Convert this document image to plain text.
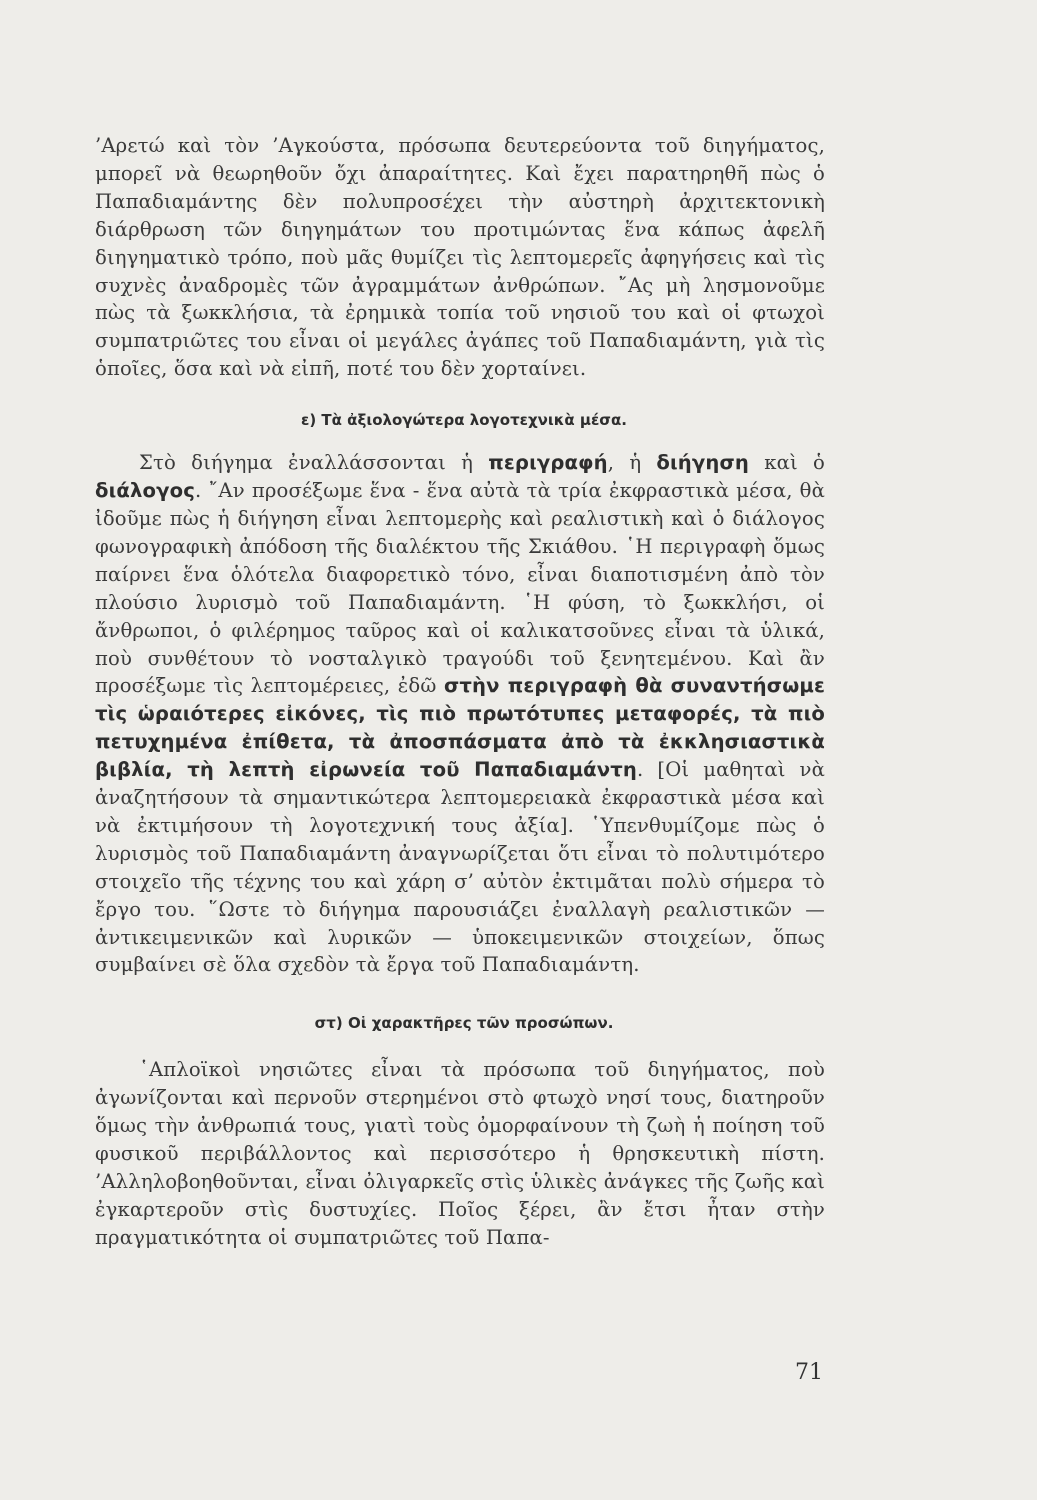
’Αρετώ καὶ τὸν ’Αγκούστα, πρόσωπα δευτερεύοντα τοῦ διηγήματος, μπορεῖ νὰ θεωρηθοῦν ὄχι ἀπαραίτητες. Καὶ ἔχει παρατηρηθῆ πὼς ὁ Παπαδιαμάντης δὲν πολυπροσέχει τὴν αὐστηρὴ ἀρχιτεκτονικὴ διάρθρωση τῶν διηγημάτων του προτιμώντας ἕνα κάπως ἀφελῆ διηγηματικὸ τρόπο, ποὺ μᾶς θυμίζει τὶς λεπτομερεῖς ἀφηγήσεις καὶ τὶς συχνὲς ἀναδρομὲς τῶν ἀγραμμάτων ἀνθρώπων. ῎Ας μὴ λησμονοῦμε πὼς τὰ ξωκκλήσια, τὰ ἐρημικὰ τοπία τοῦ νησιοῦ του καὶ οἱ φτωχοὶ συμπατριῶτες του εἶναι οἱ μεγάλες ἀγάπες τοῦ Παπαδιαμάντη, γιὰ τὶς ὁποῖες, ὅσα καὶ νὰ εἰπῆ, ποτέ του δὲν χορταίνει.

ε) Τὰ ἀξιολογώτερα λογοτεχνικὰ μέσα.

Στὸ διήγημα ἐναλλάσσονται ἡ περιγραφή, ἡ διήγηση καὶ ὁ διάλογος. ῎Αν προσέξωμε ἕνα - ἕνα αὐτὰ τὰ τρία ἐκφραστικὰ μέσα, θὰ ἰδοῦμε πὼς ἡ διήγηση εἶναι λεπτομερὴς καὶ ρεαλιστικὴ καὶ ὁ διάλογος φωνογραφικὴ ἀπόδοση τῆς διαλέκτου τῆς Σκιάθου. ῾Η περιγραφὴ ὅμως παίρνει ἕνα ὁλότελα διαφορετικὸ τόνο, εἶναι διαποτισμένη ἀπὸ τὸν πλούσιο λυρισμὸ τοῦ Παπαδιαμάντη. ῾Η φύση, τὸ ξωκκλήσι, οἱ ἄνθρωποι, ὁ φιλέρημος ταῦρος καὶ οἱ καλικατσοῦνες εἶναι τὰ ὑλικά, ποὺ συνθέτουν τὸ νοσταλγικὸ τραγούδι τοῦ ξενητεμένου. Καὶ ἂν προσέξωμε τὶς λεπτομέρειες, ἐδῶ στὴν περιγραφὴ θὰ συναντήσωμε τὶς ὡραιότερες εἰκόνες, τὶς πιὸ πρωτότυπες μεταφορές, τὰ πιὸ πετυχημένα ἐπίθετα, τὰ ἀποσπάσματα ἀπὸ τὰ ἐκκλησιαστικὰ βιβλία, τὴ λεπτὴ εἰρωνεία τοῦ Παπαδιαμάντη. [Οἱ μαθηταὶ νὰ ἀναζητήσουν τὰ σημαντικώτερα λεπτομερειακὰ ἐκφραστικὰ μέσα καὶ νὰ ἐκτιμήσουν τὴ λογοτεχνική τους ἀξία]. ῾Υπενθυμίζομε πὼς ὁ λυρισμὸς τοῦ Παπαδιαμάντη ἀναγνωρίζεται ὅτι εἶναι τὸ πολυτιμότερο στοιχεῖο τῆς τέχνης του καὶ χάρη σ’ αὐτὸν ἐκτιμᾶται πολὺ σήμερα τὸ ἔργο του. ῞Ωστε τὸ διήγημα παρουσιάζει ἐναλλαγὴ ρεαλιστικῶν — ἀντικειμενικῶν καὶ λυρικῶν — ὑποκειμενικῶν στοιχείων, ὅπως συμβαίνει σὲ ὅλα σχεδὸν τὰ ἔργα τοῦ Παπαδιαμάντη.

στ) Οἱ χαρακτῆρες τῶν προσώπων.

῾Απλοϊκοὶ νησιῶτες εἶναι τὰ πρόσωπα τοῦ διηγήματος, ποὺ ἀγωνίζονται καὶ περνοῦν στερημένοι στὸ φτωχὸ νησί τους, διατηροῦν ὅμως τὴν ἀνθρωπιά τους, γιατὶ τοὺς ὀμορφαίνουν τὴ ζωὴ ἡ ποίηση τοῦ φυσικοῦ περιβάλλοντος καὶ περισσότερο ἡ θρησκευτικὴ πίστη. ’Αλληλοβοηθοῦνται, εἶναι ὀλιγαρκεῖς στὶς ὑλικὲς ἀνάγκες τῆς ζωῆς καὶ ἐγκαρτεροῦν στὶς δυστυχίες. Ποῖος ξέρει, ἂν ἔτσι ἦταν στὴν πραγματικότητα οἱ συμπατριῶτες τοῦ Παπα-

71
